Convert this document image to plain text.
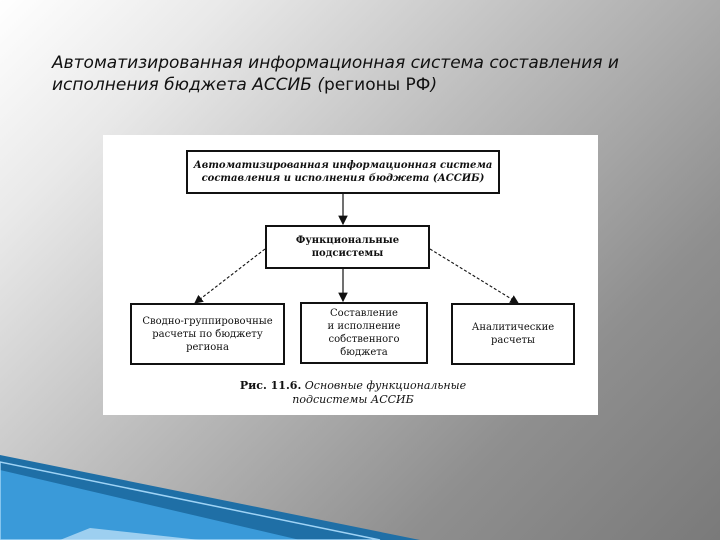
Автоматизированная информационная система составления и исполнения бюджета АССИБ (регионы РФ)
Автоматизированная информационная система
составления и исполнения бюджета (АССИБ)
Функциональные
подсистемы
Сводно-группировочные
расчеты по бюджету
региона
Составление
и исполнение
собственного бюджета
Аналитические
расчеты
Рис. 11.6. Основные функциональные
подсистемы АССИБ
